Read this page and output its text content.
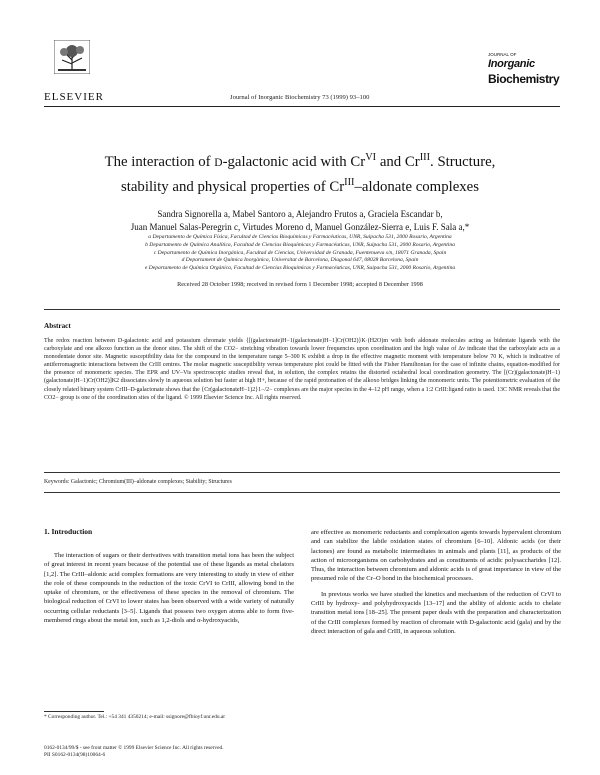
ELSEVIER	Journal of Inorganic Biochemistry 73 (1999) 93–100
JOURNAL OF
Inorganic
Biochemistry
The interaction of D-galactonic acid with $Cr^{VI}$ and $Cr^{III}$. Structure,
stability and physical properties of $Cr^{III}$–aldonate complexes
Sandra Signorella a, Mabel Santoro a, Alejandro Frutos a, Graciela Escandar b,
Juan Manuel Salas-Peregrin c, Virtudes Moreno d, Manuel González-Sierra e, Luis F. Sala a,*
a Departamento de Química Física, Facultad de Ciencias Bioquímicas y Farmacéuticas, UNR, Suipacha 531, 2000 Rosario, Argentina
b Departamento de Química Analítica, Facultad de Ciencias Bioquímicas y Farmacéuticas, UNR, Suipacha 531, 2000 Rosario, Argentina
c Departamento de Química Inorgánica, Facultad de Ciencias, Universidad de Granada, Fuentenueva s/n, 18071 Granada, Spain
d Departament de Química Inorgànica, Universitat de Barcelona, Diagonal 647, 08028 Barcelona, Spain
e Departamento de Química Orgánica, Facultad de Ciencias Bioquímicas y Farmacéuticas, UNR, Suipacha 531, 2000 Rosario, Argentina
Received 28 October 1998; received in revised form 1 December 1998; accepted 8 December 1998
Abstract
The redox reaction between D-galactonic acid and potassium chromate yields {[(galactonate)H−1(galactonate)H−1]Cr(OH2)}K·(H2O)m with both aldonate molecules acting as bidentate ligands with the carboxylate and one alkoxo function as the donor sites. The shift of the CO2− stretching vibration towards lower frequencies upon coordination and the high value of Δν indicate that the carboxylate acts as a monodentate donor site. Magnetic susceptibility data for the compound in the temperature range 5–300 K exhibit a drop in the effective magnetic moment with temperature below 70 K, which is indicative of antiferromagnetic interactions between the CrIII centres. The molar magnetic susceptibility versus temperature plot could be fitted with the Fisher Hamiltonian for the case of infinite chains, equation-modified for the presence of monomeric species. The EPR and UV–Vis spectroscopic studies reveal that, in solution, the complex retains the distorted octahedral local coordination geometry. The [(Cr)(galactonate)H−1)(galactonate)H−1)Cr(OH2)]K2 dissociates slowly in aqueous solution but faster at high H+, because of the rapid protonation of the alkoxo bridges linking the monomeric units. The potentiometric evaluation of the closely related binary system CrIII–D-galactonate shows that the {Cr(galactonateH−1)2}1−/2− complexes are the major species in the 4–12 pH range, when a 1:2 CrIII:ligand ratio is used. 13C NMR reveals that the CO2− group is one of the coordination sites of the ligand. © 1999 Elsevier Science Inc. All rights reserved.
Keywords: Galactonic; Chromium(III)–aldonate complexes; Stability; Structures
1. Introduction

The interaction of sugars or their derivatives with transition metal ions has been the subject of great interest in recent years because of the potential use of these ligands as metal chelators [1,2]. The CrIII–aldonic acid complex formations are very interesting to study in view of either the role of these compounds in the reduction of the toxic CrVI to CrIII, allowing bond in the uptake of chromium, or the effectiveness of these species in the removal of chromium. The biological reduction of CrVI to lower states has been observed with a wide variety of naturally occurring cellular reductants [3–5]. Ligands that possess two oxygen atoms able to form five-membered rings about the metal ion, such as 1,2-diols and α-hydroxyacids,

are effective as monomeric reductants and complexation agents towards hypervalent chromium and can stabilize the labile oxidation states of chromium [6–10]. Aldonic acids (or their lactones) are found as metabolic intermediates in animals and plants [11], as products of the action of microorganisms on carbohydrates and as constituents of acidic polysaccharides [12]. Thus, the interaction between chromium and aldonic acids is of great importance in view of the presumed role of the Cr–O bond in the biochemical processes.

In previous works we have studied the kinetics and mechanism of the reduction of CrVI to CrIII by hydroxy- and polyhydroxyacids [13–17] and the ability of aldonic acids to chelate transition metal ions [18–25]. The present paper deals with the preparation and characterization of the CrIII complexes formed by reaction of chromate with D-galactonic acid (gala) and by the direct interaction of gala and CrIII, in aqueous solution.

* Corresponding author. Tel.: +54 341 4350214; e-mail: ssignore@fbioyf.unr.edu.ar
0162-0134/99/$ - see front matter © 1999 Elsevier Science Inc. All rights reserved.
PII S0162-0134(98)10064-6
